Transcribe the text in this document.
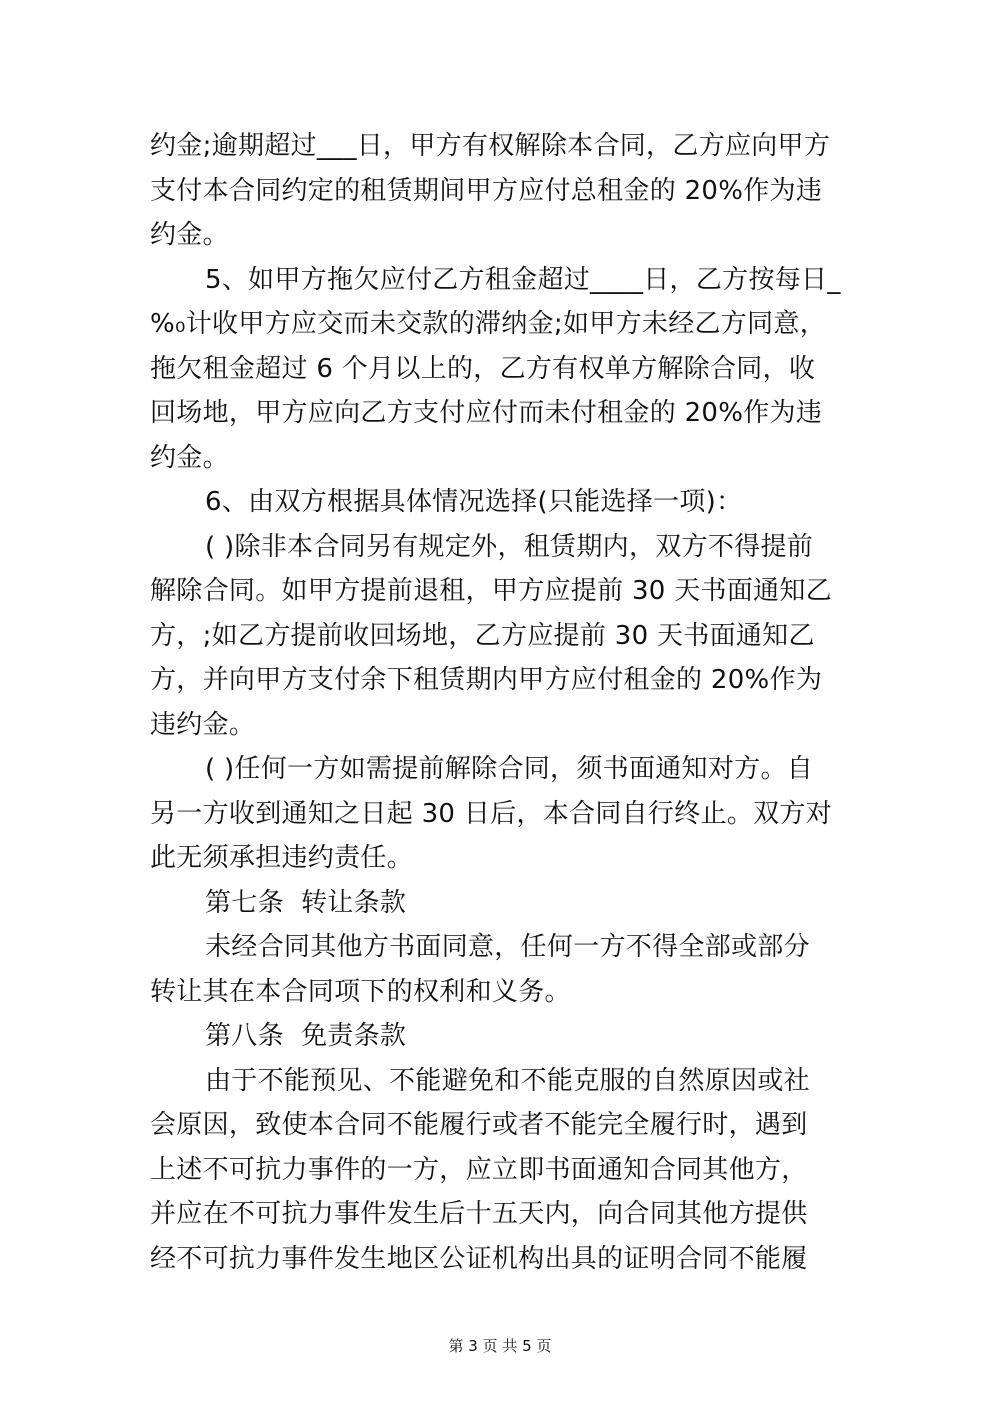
约金;逾期超过___日，甲方有权解除本合同，乙方应向甲方
支付本合同约定的租赁期间甲方应付总租金的 20%作为违
约金。
5、如甲方拖欠应付乙方租金超过____日，乙方按每日_
%₀计收甲方应交而未交款的滞纳金;如甲方未经乙方同意，
拖欠租金超过 6 个月以上的，乙方有权单方解除合同，收
回场地，甲方应向乙方支付应付而未付租金的 20%作为违
约金。
6、由双方根据具体情况选择(只能选择一项)：
( )除非本合同另有规定外，租赁期内，双方不得提前
解除合同。如甲方提前退租，甲方应提前 30 天书面通知乙
方，;如乙方提前收回场地，乙方应提前 30 天书面通知乙
方，并向甲方支付余下租赁期内甲方应付租金的 20%作为
违约金。
( )任何一方如需提前解除合同，须书面通知对方。自
另一方收到通知之日起 30 日后，本合同自行终止。双方对
此无须承担违约责任。
第七条  转让条款
未经合同其他方书面同意，任何一方不得全部或部分
转让其在本合同项下的权利和义务。
第八条  免责条款
由于不能预见、不能避免和不能克服的自然原因或社
会原因，致使本合同不能履行或者不能完全履行时，遇到
上述不可抗力事件的一方，应立即书面通知合同其他方，
并应在不可抗力事件发生后十五天内，向合同其他方提供
经不可抗力事件发生地区公证机构出具的证明合同不能履
第 3 页 共 5 页
